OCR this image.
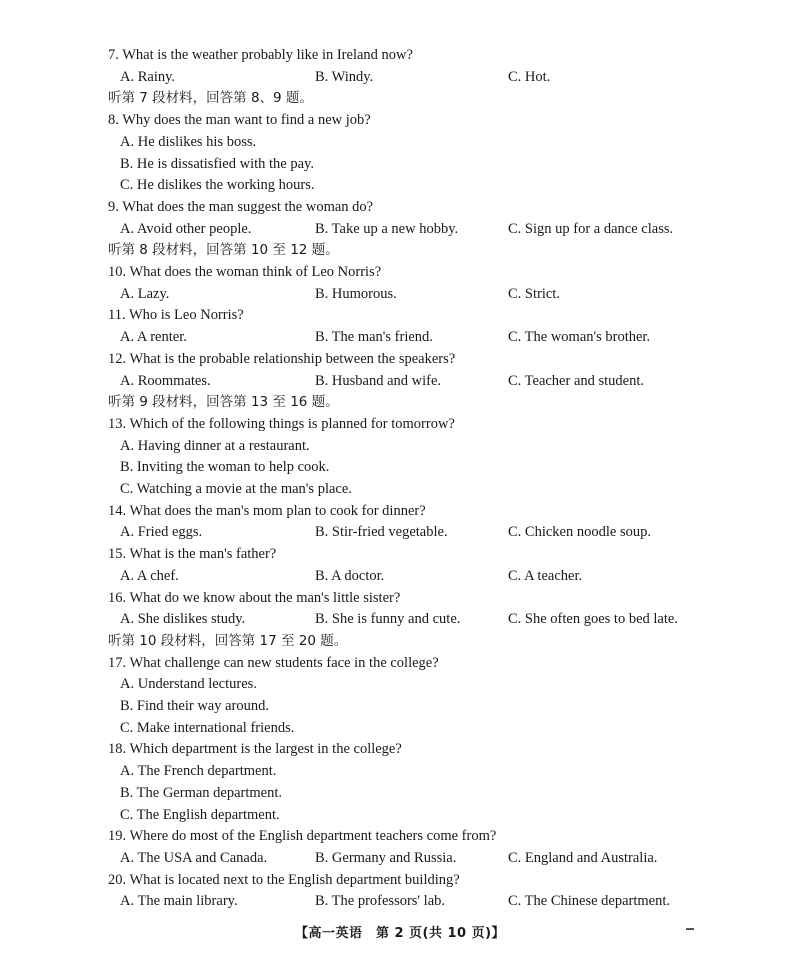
7. What is the weather probably like in Ireland now?
A. Rainy.	B. Windy.	C. Hot.
听第 7 段材料，回答第 8、9 题。
8. Why does the man want to find a new job?
A. He dislikes his boss.
B. He is dissatisfied with the pay.
C. He dislikes the working hours.
9. What does the man suggest the woman do?
A. Avoid other people.	B. Take up a new hobby.	C. Sign up for a dance class.
听第 8 段材料，回答第 10 至 12 题。
10. What does the woman think of Leo Norris?
A. Lazy.	B. Humorous.	C. Strict.
11. Who is Leo Norris?
A. A renter.	B. The man's friend.	C. The woman's brother.
12. What is the probable relationship between the speakers?
A. Roommates.	B. Husband and wife.	C. Teacher and student.
听第 9 段材料，回答第 13 至 16 题。
13. Which of the following things is planned for tomorrow?
A. Having dinner at a restaurant.
B. Inviting the woman to help cook.
C. Watching a movie at the man's place.
14. What does the man's mom plan to cook for dinner?
A. Fried eggs.	B. Stir-fried vegetable.	C. Chicken noodle soup.
15. What is the man's father?
A. A chef.	B. A doctor.	C. A teacher.
16. What do we know about the man's little sister?
A. She dislikes study.	B. She is funny and cute.	C. She often goes to bed late.
听第 10 段材料，回答第 17 至 20 题。
17. What challenge can new students face in the college?
A. Understand lectures.
B. Find their way around.
C. Make international friends.
18. Which department is the largest in the college?
A. The French department.
B. The German department.
C. The English department.
19. Where do most of the English department teachers come from?
A. The USA and Canada.	B. Germany and Russia.	C. England and Australia.
20. What is located next to the English department building?
A. The main library.	B. The professors' lab.	C. The Chinese department.
【高一英语　第 2 页(共 10 页)】
